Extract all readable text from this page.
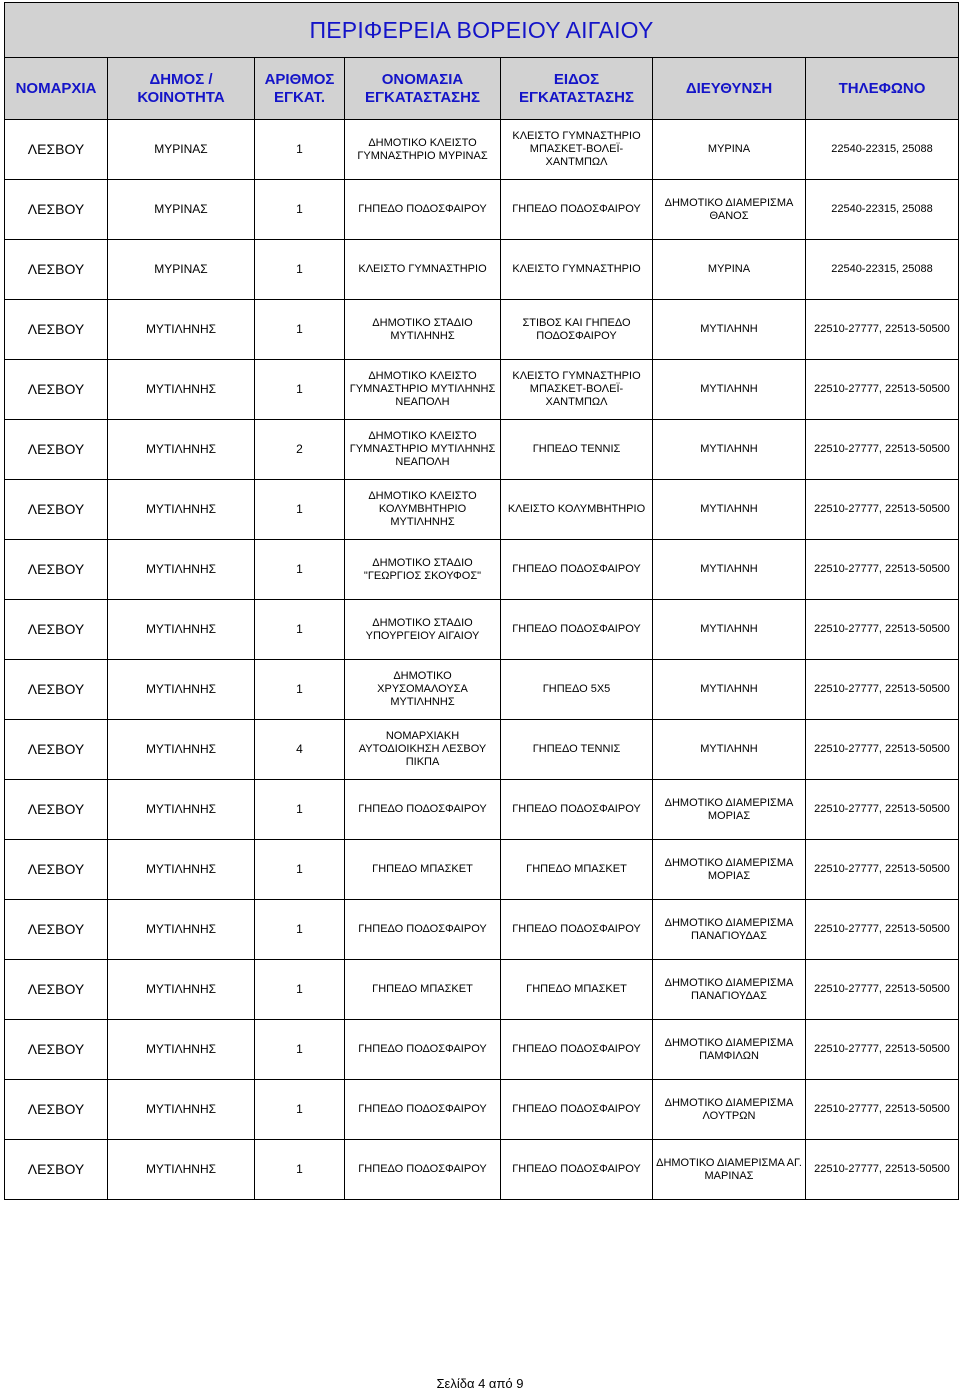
ΠΕΡΙΦΕΡΕΙΑ ΒΟΡΕΙΟΥ ΑΙΓΑΙΟΥ						
ΝΟΜΑΡΧΙΑ	ΔΗΜΟΣ / ΚΟΙΝΟΤΗΤΑ	ΑΡΙΘΜΟΣ ΕΓΚΑΤ.	ΟΝΟΜΑΣΙΑ ΕΓΚΑΤΑΣΤΑΣΗΣ	ΕΙΔΟΣ ΕΓΚΑΤΑΣΤΑΣΗΣ	ΔΙΕΥΘΥΝΣΗ	ΤΗΛΕΦΩΝΟ
ΛΕΣΒΟΥ	ΜΥΡΙΝΑΣ	1	ΔΗΜΟΤΙΚΟ ΚΛΕΙΣΤΟ ΓΥΜΝΑΣΤΗΡΙΟ ΜΥΡΙΝΑΣ	ΚΛΕΙΣΤΟ ΓΥΜΝΑΣΤΗΡΙΟ ΜΠΑΣΚΕΤ-ΒΟΛΕΪ-ΧΑΝΤΜΠΩΛ	ΜΥΡΙΝΑ	22540-22315, 25088
ΛΕΣΒΟΥ	ΜΥΡΙΝΑΣ	1	ΓΗΠΕΔΟ ΠΟΔΟΣΦΑΙΡΟΥ	ΓΗΠΕΔΟ ΠΟΔΟΣΦΑΙΡΟΥ	ΔΗΜΟΤΙΚΟ ΔΙΑΜΕΡΙΣΜΑ ΘΑΝΟΣ	22540-22315, 25088
ΛΕΣΒΟΥ	ΜΥΡΙΝΑΣ	1	ΚΛΕΙΣΤΟ ΓΥΜΝΑΣΤΗΡΙΟ	ΚΛΕΙΣΤΟ ΓΥΜΝΑΣΤΗΡΙΟ	ΜΥΡΙΝΑ	22540-22315, 25088
ΛΕΣΒΟΥ	ΜΥΤΙΛΗΝΗΣ	1	ΔΗΜΟΤΙΚΟ ΣΤΑΔΙΟ ΜΥΤΙΛΗΝΗΣ	ΣΤΙΒΟΣ ΚΑΙ ΓΗΠΕΔΟ ΠΟΔΟΣΦΑΙΡΟΥ	ΜΥΤΙΛΗΝΗ	22510-27777, 22513-50500
ΛΕΣΒΟΥ	ΜΥΤΙΛΗΝΗΣ	1	ΔΗΜΟΤΙΚΟ ΚΛΕΙΣΤΟ ΓΥΜΝΑΣΤΗΡΙΟ ΜΥΤΙΛΗΝΗΣ ΝΕΑΠΟΛΗ	ΚΛΕΙΣΤΟ ΓΥΜΝΑΣΤΗΡΙΟ ΜΠΑΣΚΕΤ-ΒΟΛΕΪ-ΧΑΝΤΜΠΩΛ	ΜΥΤΙΛΗΝΗ	22510-27777, 22513-50500
ΛΕΣΒΟΥ	ΜΥΤΙΛΗΝΗΣ	2	ΔΗΜΟΤΙΚΟ ΚΛΕΙΣΤΟ ΓΥΜΝΑΣΤΗΡΙΟ ΜΥΤΙΛΗΝΗΣ ΝΕΑΠΟΛΗ	ΓΗΠΕΔΟ ΤΕΝΝΙΣ	ΜΥΤΙΛΗΝΗ	22510-27777, 22513-50500
ΛΕΣΒΟΥ	ΜΥΤΙΛΗΝΗΣ	1	ΔΗΜΟΤΙΚΟ ΚΛΕΙΣΤΟ ΚΟΛΥΜΒΗΤΗΡΙΟ ΜΥΤΙΛΗΝΗΣ	ΚΛΕΙΣΤΟ ΚΟΛΥΜΒΗΤΗΡΙΟ	ΜΥΤΙΛΗΝΗ	22510-27777, 22513-50500
ΛΕΣΒΟΥ	ΜΥΤΙΛΗΝΗΣ	1	ΔΗΜΟΤΙΚΟ ΣΤΑΔΙΟ "ΓΕΩΡΓΙΟΣ ΣΚΟΥΦΟΣ"	ΓΗΠΕΔΟ ΠΟΔΟΣΦΑΙΡΟΥ	ΜΥΤΙΛΗΝΗ	22510-27777, 22513-50500
ΛΕΣΒΟΥ	ΜΥΤΙΛΗΝΗΣ	1	ΔΗΜΟΤΙΚΟ ΣΤΑΔΙΟ ΥΠΟΥΡΓΕΙΟΥ ΑΙΓΑΙΟΥ	ΓΗΠΕΔΟ ΠΟΔΟΣΦΑΙΡΟΥ	ΜΥΤΙΛΗΝΗ	22510-27777, 22513-50500
ΛΕΣΒΟΥ	ΜΥΤΙΛΗΝΗΣ	1	ΔΗΜΟΤΙΚΟ ΧΡΥΣΟΜΑΛΟΥΣΑ ΜΥΤΙΛΗΝΗΣ	ΓΗΠΕΔΟ 5Χ5	ΜΥΤΙΛΗΝΗ	22510-27777, 22513-50500
ΛΕΣΒΟΥ	ΜΥΤΙΛΗΝΗΣ	4	ΝΟΜΑΡΧΙΑΚΗ ΑΥΤΟΔΙΟΙΚΗΣΗ ΛΕΣΒΟΥ ΠΙΚΠΑ	ΓΗΠΕΔΟ ΤΕΝΝΙΣ	ΜΥΤΙΛΗΝΗ	22510-27777, 22513-50500
ΛΕΣΒΟΥ	ΜΥΤΙΛΗΝΗΣ	1	ΓΗΠΕΔΟ ΠΟΔΟΣΦΑΙΡΟΥ	ΓΗΠΕΔΟ ΠΟΔΟΣΦΑΙΡΟΥ	ΔΗΜΟΤΙΚΟ ΔΙΑΜΕΡΙΣΜΑ ΜΟΡΙΑΣ	22510-27777, 22513-50500
ΛΕΣΒΟΥ	ΜΥΤΙΛΗΝΗΣ	1	ΓΗΠΕΔΟ ΜΠΑΣΚΕΤ	ΓΗΠΕΔΟ ΜΠΑΣΚΕΤ	ΔΗΜΟΤΙΚΟ ΔΙΑΜΕΡΙΣΜΑ ΜΟΡΙΑΣ	22510-27777, 22513-50500
ΛΕΣΒΟΥ	ΜΥΤΙΛΗΝΗΣ	1	ΓΗΠΕΔΟ ΠΟΔΟΣΦΑΙΡΟΥ	ΓΗΠΕΔΟ ΠΟΔΟΣΦΑΙΡΟΥ	ΔΗΜΟΤΙΚΟ ΔΙΑΜΕΡΙΣΜΑ ΠΑΝΑΓΙΟΥΔΑΣ	22510-27777, 22513-50500
ΛΕΣΒΟΥ	ΜΥΤΙΛΗΝΗΣ	1	ΓΗΠΕΔΟ ΜΠΑΣΚΕΤ	ΓΗΠΕΔΟ ΜΠΑΣΚΕΤ	ΔΗΜΟΤΙΚΟ ΔΙΑΜΕΡΙΣΜΑ ΠΑΝΑΓΙΟΥΔΑΣ	22510-27777, 22513-50500
ΛΕΣΒΟΥ	ΜΥΤΙΛΗΝΗΣ	1	ΓΗΠΕΔΟ ΠΟΔΟΣΦΑΙΡΟΥ	ΓΗΠΕΔΟ ΠΟΔΟΣΦΑΙΡΟΥ	ΔΗΜΟΤΙΚΟ ΔΙΑΜΕΡΙΣΜΑ ΠΑΜΦΙΛΩΝ	22510-27777, 22513-50500
ΛΕΣΒΟΥ	ΜΥΤΙΛΗΝΗΣ	1	ΓΗΠΕΔΟ ΠΟΔΟΣΦΑΙΡΟΥ	ΓΗΠΕΔΟ ΠΟΔΟΣΦΑΙΡΟΥ	ΔΗΜΟΤΙΚΟ ΔΙΑΜΕΡΙΣΜΑ ΛΟΥΤΡΩΝ	22510-27777, 22513-50500
ΛΕΣΒΟΥ	ΜΥΤΙΛΗΝΗΣ	1	ΓΗΠΕΔΟ ΠΟΔΟΣΦΑΙΡΟΥ	ΓΗΠΕΔΟ ΠΟΔΟΣΦΑΙΡΟΥ	ΔΗΜΟΤΙΚΟ ΔΙΑΜΕΡΙΣΜΑ ΑΓ. ΜΑΡΙΝΑΣ	22510-27777, 22513-50500
Σελίδα 4 από 9
